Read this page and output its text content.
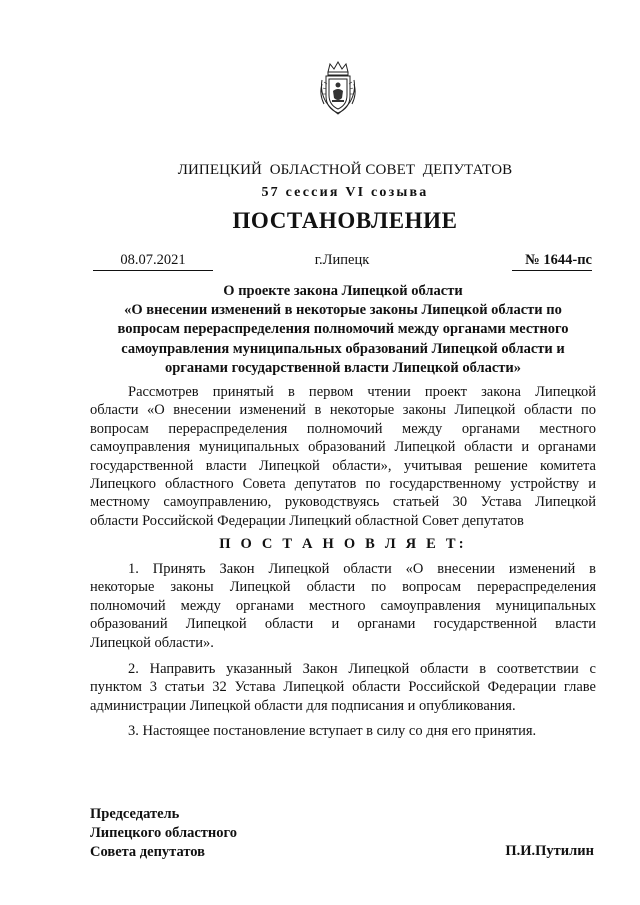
ЛИПЕЦКИЙ  ОБЛАСТНОЙ СОВЕТ  ДЕПУТАТОВ
57 сессия VI созыва
ПОСТАНОВЛЕНИЕ
08.07.2021	г.Липецк	№ 1644-пс
О проекте закона Липецкой области
«О внесении изменений в некоторые законы Липецкой области по
вопросам перераспределения полномочий между органами местного
самоуправления муниципальных образований Липецкой области и
органами государственной власти Липецкой области»
Рассмотрев принятый в первом чтении проект закона Липецкой
области «О внесении изменений в некоторые законы Липецкой области по
вопросам перераспределения полномочий между органами местного
самоуправления муниципальных образований Липецкой области и органами
государственной власти Липецкой области», учитывая решение комитета
Липецкого областного Совета депутатов по государственному устройству и
местному самоуправлению, руководствуясь статьей 30 Устава Липецкой
области Российской Федерации Липецкий областной Совет депутатов
П О С Т А Н О В Л Я Е Т:
1. Принять Закон Липецкой области «О внесении изменений в
некоторые законы Липецкой области по вопросам перераспределения
полномочий между органами местного самоуправления муниципальных
образований Липецкой области и органами государственной власти
Липецкой области».
2. Направить указанный Закон Липецкой области в соответствии с
пунктом 3 статьи 32 Устава Липецкой области Российской Федерации главе
администрации Липецкой области для подписания и опубликования.
3. Настоящее постановление вступает в силу со дня его принятия.
Председатель
Липецкого областного
Совета депутатов	П.И.Путилин
